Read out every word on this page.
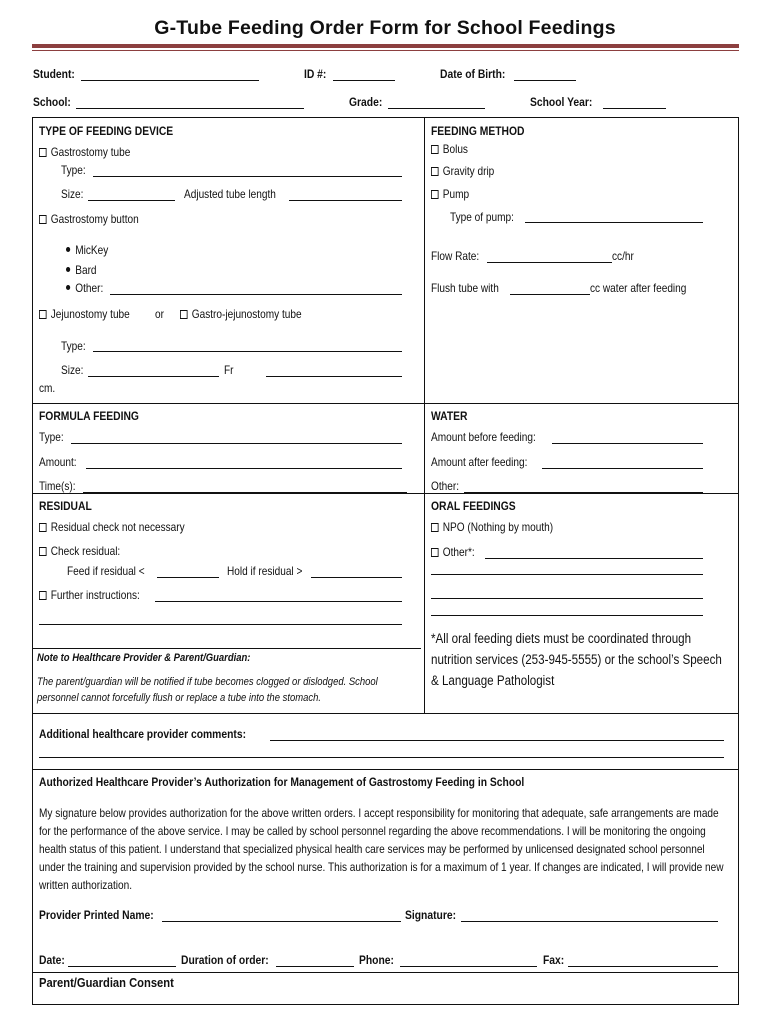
G-Tube Feeding Order Form for School Feedings
Student:	ID #:	Date of Birth:
School:	Grade:	School Year:
TYPE OF FEEDING DEVICE
Gastrostomy tube
Type:
Size:	Adjusted tube length
Gastrostomy button
MicKey
Bard
Other:
Jejunostomy tube or	Gastro-jejunostomy tube
Type:
Size:	Fr
cm.
FEEDING METHOD
Bolus
Gravity drip
Pump
Type of pump:
Flow Rate:	cc/hr
Flush tube with	cc water after feeding
FORMULA FEEDING
Type:
Amount:
Time(s):
WATER
Amount before feeding:
Amount after feeding:
Other:
RESIDUAL
Residual check not necessary
Check residual:
Feed if residual <	Hold if residual >
Further instructions:
Note to Healthcare Provider & Parent/Guardian:
The parent/guardian will be notified if tube becomes clogged or dislodged. School personnel cannot forcefully flush or replace a tube into the stomach.
ORAL FEEDINGS
NPO (Nothing by mouth)
Other*:
*All oral feeding diets must be coordinated through nutrition services (253-945-5555) or the school’s Speech & Language Pathologist
Additional healthcare provider comments:
Authorized Healthcare Provider’s Authorization for Management of Gastrostomy Feeding in School
My signature below provides authorization for the above written orders. I accept responsibility for monitoring that adequate, safe arrangements are made for the performance of the above service. I may be called by school personnel regarding the above recommendations. I will be monitoring the ongoing health status of this patient. I understand that specialized physical health care services may be performed by unlicensed designated school personnel under the training and supervision provided by the school nurse. This authorization is for a maximum of 1 year. If changes are indicated, I will provide new written authorization.
Provider Printed Name:	Signature:
Date:	Duration of order:	Phone:	Fax:
Parent/Guardian Consent
